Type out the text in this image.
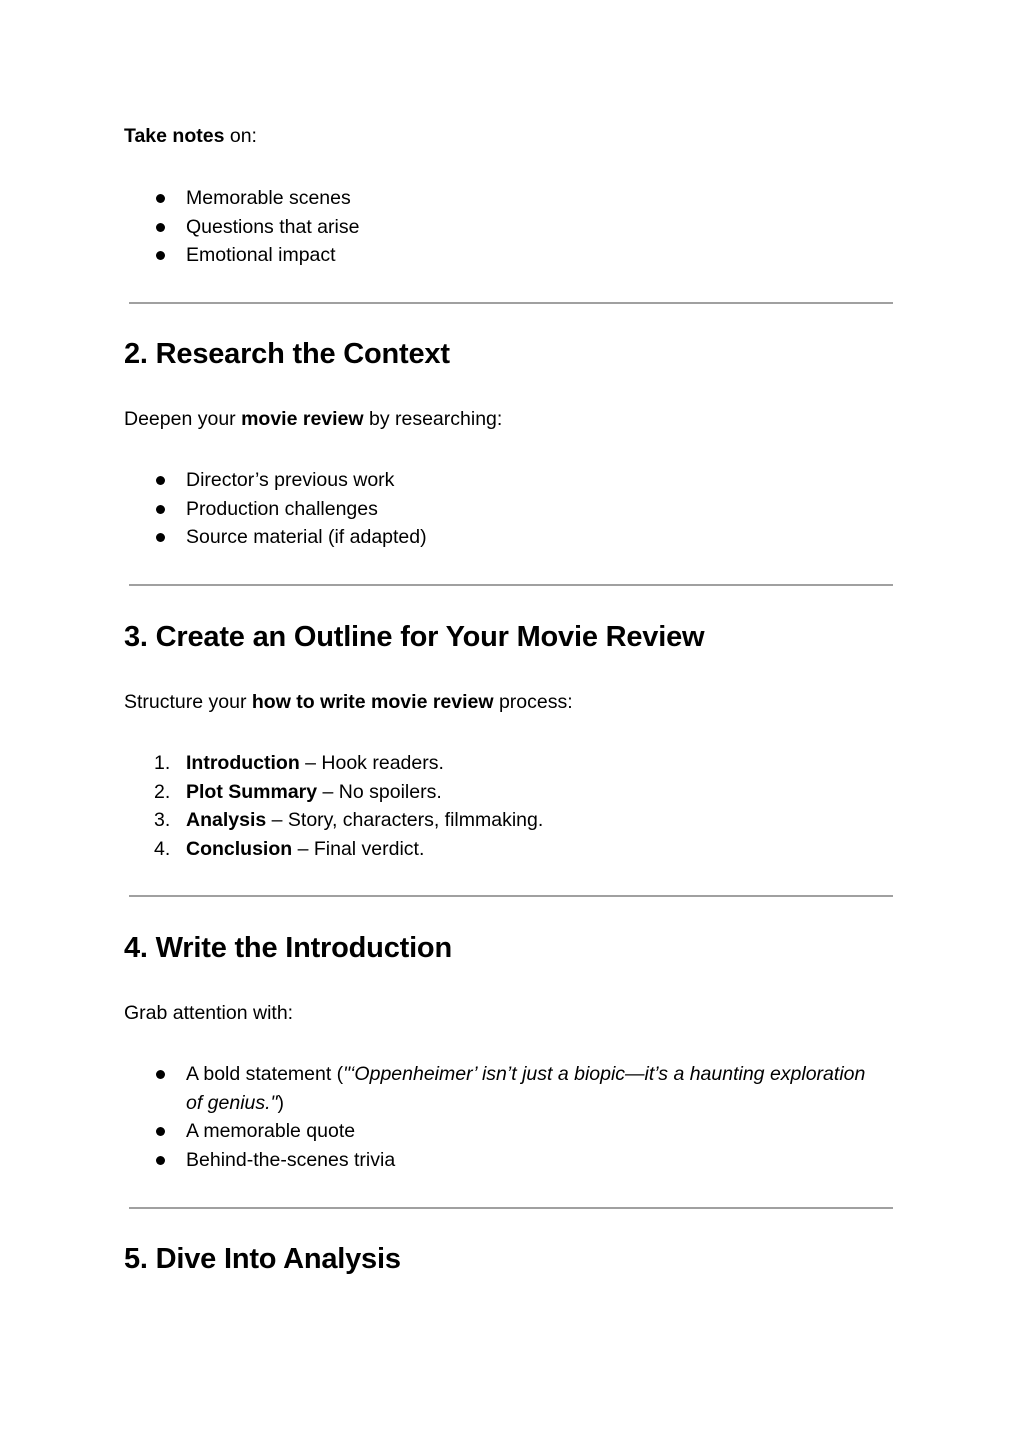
Take notes on:

Memorable scenes
Questions that arise
Emotional impact
2. Research the Context

Deepen your movie review by researching:

Director’s previous work
Production challenges
Source material (if adapted)
3. Create an Outline for Your Movie Review

Structure your how to write movie review process:

1. Introduction – Hook readers.
2. Plot Summary – No spoilers.
3. Analysis – Story, characters, filmmaking.
4. Conclusion – Final verdict.
4. Write the Introduction

Grab attention with:

A bold statement ("‘Oppenheimer’ isn’t just a biopic—it’s a haunting exploration
of genius.")
A memorable quote
Behind-the-scenes trivia
5. Dive Into Analysis
